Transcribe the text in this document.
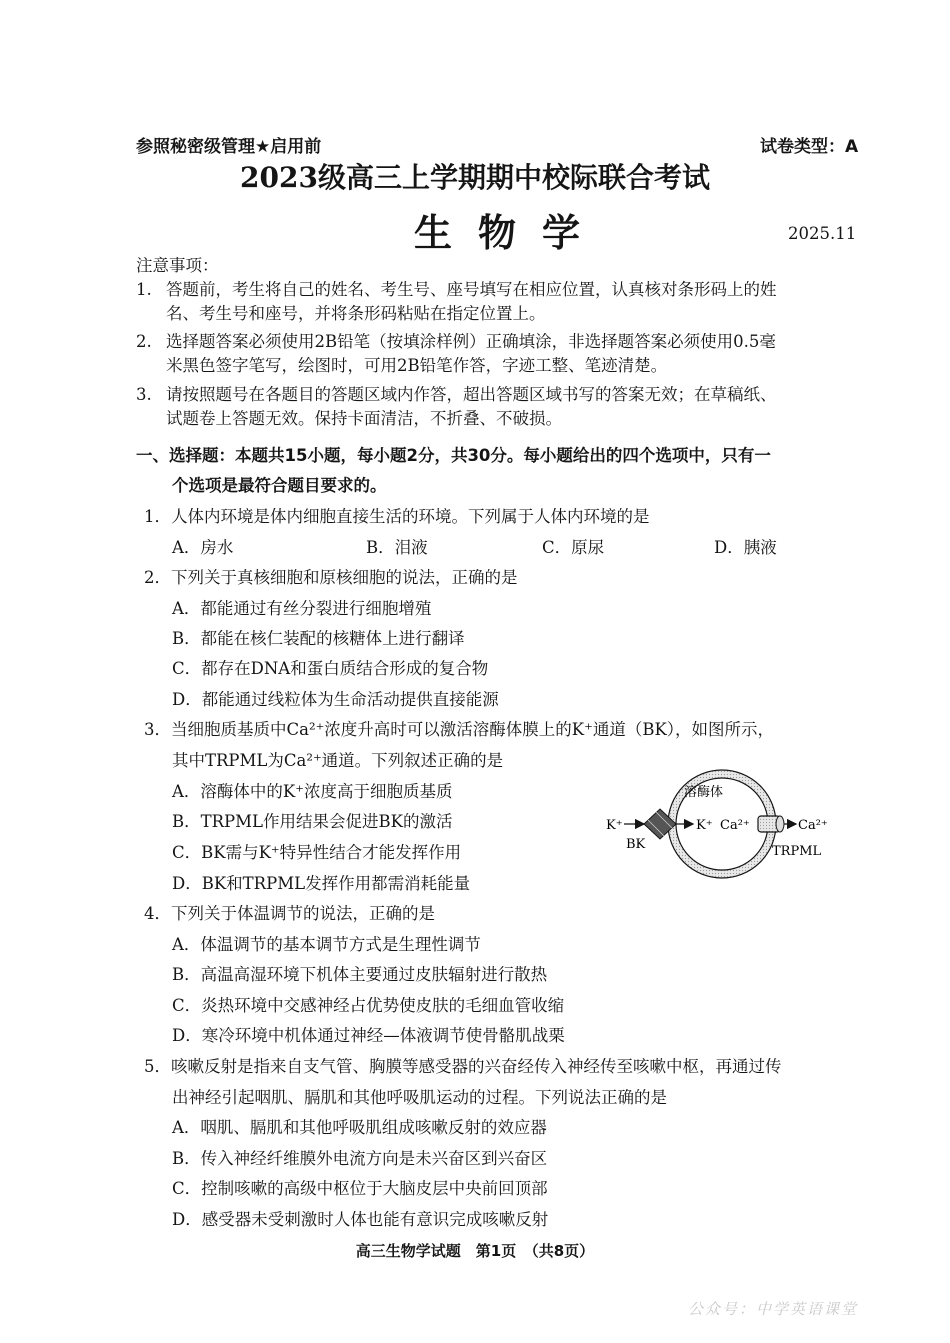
参照秘密级管理★启用前	试卷类型：A
2023级高三上学期期中校际联合考试
生物学	2025.11
注意事项：
1. 答题前，考生将自己的姓名、考生号、座号填写在相应位置，认真核对条形码上的姓
名、考生号和座号，并将条形码粘贴在指定位置上。
2. 选择题答案必须使用2B铅笔（按填涂样例）正确填涂，非选择题答案必须使用0.5毫
米黑色签字笔写，绘图时，可用2B铅笔作答，字迹工整、笔迹清楚。
3. 请按照题号在各题目的答题区域内作答，超出答题区域书写的答案无效；在草稿纸、
试题卷上答题无效。保持卡面清洁，不折叠、不破损。
一、选择题：本题共15小题，每小题2分，共30分。每小题给出的四个选项中，只有一
个选项是最符合题目要求的。
1．人体内环境是体内细胞直接生活的环境。下列属于人体内环境的是
A．房水	B．泪液	C．原尿	D．胰液
2．下列关于真核细胞和原核细胞的说法，正确的是
A．都能通过有丝分裂进行细胞增殖
B．都能在核仁装配的核糖体上进行翻译
C．都存在DNA和蛋白质结合形成的复合物
D．都能通过线粒体为生命活动提供直接能源
3．当细胞质基质中Ca²⁺浓度升高时可以激活溶酶体膜上的K⁺通道（BK），如图所示，
其中TRPML为Ca²⁺通道。下列叙述正确的是
A．溶酶体中的K⁺浓度高于细胞质基质
B．TRPML作用结果会促进BK的激活
C．BK需与K⁺特异性结合才能发挥作用
D．BK和TRPML发挥作用都需消耗能量
溶酶体
K⁺	K⁺ Ca²⁺	Ca²⁺
BK	TRPML
4．下列关于体温调节的说法，正确的是
A．体温调节的基本调节方式是生理性调节
B．高温高湿环境下机体主要通过皮肤辐射进行散热
C．炎热环境中交感神经占优势使皮肤的毛细血管收缩
D．寒冷环境中机体通过神经—体液调节使骨骼肌战栗
5．咳嗽反射是指来自支气管、胸膜等感受器的兴奋经传入神经传至咳嗽中枢，再通过传
出神经引起咽肌、膈肌和其他呼吸肌运动的过程。下列说法正确的是
A．咽肌、膈肌和其他呼吸肌组成咳嗽反射的效应器
B．传入神经纤维膜外电流方向是未兴奋区到兴奋区
C．控制咳嗽的高级中枢位于大脑皮层中央前回顶部
D．感受器未受刺激时人体也能有意识完成咳嗽反射
高三生物学试题　第1页　（共8页）
公众号：中学英语课堂
